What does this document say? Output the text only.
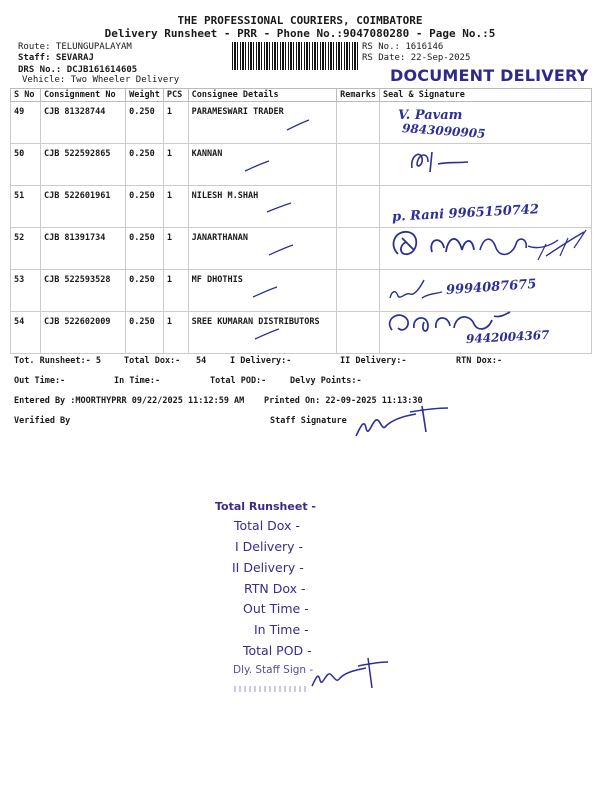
THE PROFESSIONAL COURIERS, COIMBATORE
Delivery Runsheet - PRR - Phone No.:9047080280 - Page No.:5
Route: TELUNGUPALAYAM
Staff: SEVARAJ
DRS No.: DCJB161614605
Vehicle: Two Wheeler Delivery
RS No.: 1616146
RS Date: 22-Sep-2025
DOCUMENT DELIVERY
S No	Consignment No	Weight	PCS	Consignee Details	Remarks	Seal & Signature
49	CJB 81328744	0.250	1	PARAMESWARI TRADER		V. Pavam
9843090905

50	CJB 522592865	0.250	1	KANNAN

51	CJB 522601961	0.250	1	NILESH M.SHAH		p. Rani 9965150742

52	CJB 81391734	0.250	1	JANARTHANAN

53	CJB 522593528	0.250	1	MF DHOTHIS		9994087675

54	CJB 522602009	0.250	1	SREE KUMARAN DISTRIBUTORS		9442004367
Tot. Runsheet:- 5	Total Dox:- 54	I Delivery:-	II Delivery:-	RTN Dox:-
Out Time:-	In Time:-	Total POD:-	Delvy Points:-
Entered By :MOORTHYPRR 09/22/2025 11:12:59 AM Printed On: 22-09-2025 11:13:30
Verified By	Staff Signature
Total Runsheet -
Total Dox -
I Delivery -
II Delivery -
RTN Dox -
Out Time -
In Time -
Total POD -
Dly. Staff Sign -
